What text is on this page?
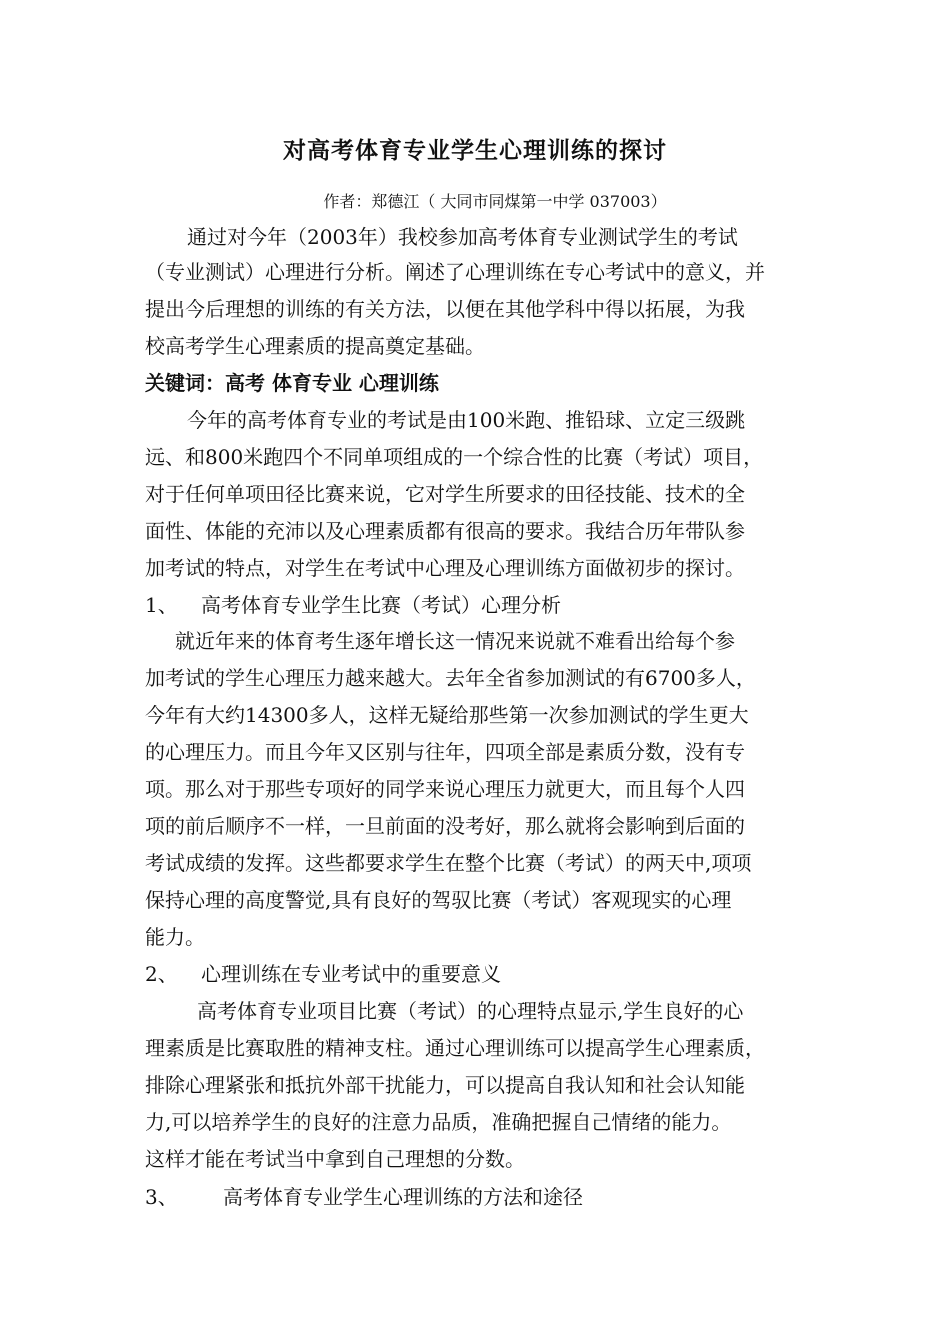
对高考体育专业学生心理训练的探讨
作者：郑德江（ 大同市同煤第一中学 037003）
通过对今年（2003年）我校参加高考体育专业测试学生的考试
（专业测试）心理进行分析。阐述了心理训练在专心考试中的意义，并
提出今后理想的训练的有关方法，以便在其他学科中得以拓展，为我
校高考学生心理素质的提高奠定基础。
关键词：高考 体育专业 心理训练
今年的高考体育专业的考试是由100米跑、推铅球、立定三级跳
远、和800米跑四个不同单项组成的一个综合性的比赛（考试）项目，
对于任何单项田径比赛来说，它对学生所要求的田径技能、技术的全
面性、体能的充沛以及心理素质都有很高的要求。我结合历年带队参
加考试的特点，对学生在考试中心理及心理训练方面做初步的探讨。
1、 高考体育专业学生比赛（考试）心理分析
就近年来的体育考生逐年增长这一情况来说就不难看出给每个参
加考试的学生心理压力越来越大。去年全省参加测试的有6700多人，
今年有大约14300多人，这样无疑给那些第一次参加测试的学生更大
的心理压力。而且今年又区别与往年，四项全部是素质分数，没有专
项。那么对于那些专项好的同学来说心理压力就更大，而且每个人四
项的前后顺序不一样，一旦前面的没考好，那么就将会影响到后面的
考试成绩的发挥。这些都要求学生在整个比赛（考试）的两天中,项项
保持心理的高度警觉,具有良好的驾驭比赛（考试）客观现实的心理
能力。
2、 心理训练在专业考试中的重要意义
高考体育专业项目比赛（考试）的心理特点显示,学生良好的心
理素质是比赛取胜的精神支柱。通过心理训练可以提高学生心理素质，
排除心理紧张和抵抗外部干扰能力，可以提高自我认知和社会认知能
力,可以培养学生的良好的注意力品质，准确把握自己情绪的能力。
这样才能在考试当中拿到自己理想的分数。
3、 高考体育专业学生心理训练的方法和途径
